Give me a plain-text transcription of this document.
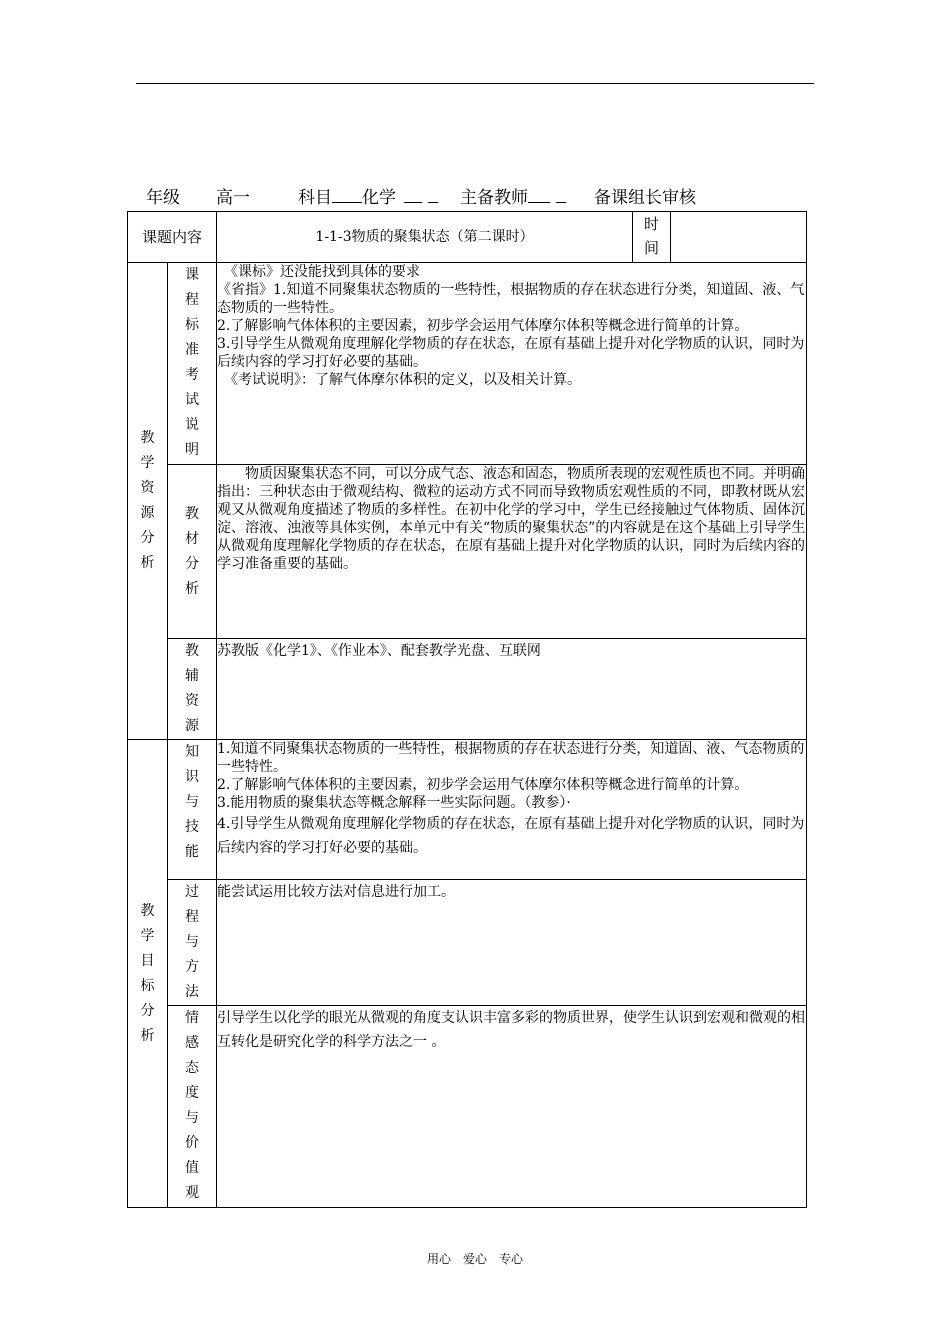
年级 高一	科目 化学	主备教师	备课组长审核
课题内容		1-1-3物质的聚集状态（第二课时）	时间	
教学资源分析	课程标准考试说明	《课标》还没能找到具体的要求

《省指》1.知道不同聚集状态物质的一些特性，根据物质的存在状态进行分类，知道固、液、气态物质的一些特性。

2.了解影响气体体积的主要因素，初步学会运用气体摩尔体积等概念进行简单的计算。

3.引导学生从微观角度理解化学物质的存在状态，在原有基础上提升对化学物质的认识，同时为后续内容的学习打好必要的基础。

《考试说明》：了解气体摩尔体积的定义，以及相关计算。		

	教材分析	物质因聚集状态不同，可以分成气态、液态和固态，物质所表现的宏观性质也不同。并明确指出：三种状态由于微观结构、微粒的运动方式不同而导致物质宏观性质的不同，即教材既从宏观又从微观角度描述了物质的多样性。在初中化学的学习中，学生已经接触过气体物质、固体沉淀、溶液、浊液等具体实例，本单元中有关“物质的聚集状态”的内容就是在这个基础上引导学生从微观角度理解化学物质的存在状态，在原有基础上提升对化学物质的认识，同时为后续内容的学习准备重要的基础。		
	教辅资源	苏教版《化学1》、《作业本》、配套教学光盘、互联网		
教学目标分析	知识与技能	1.知道不同聚集状态物质的一些特性，根据物质的存在状态进行分类，知道固、液、气态物质的一些特性。

2.了解影响气体体积的主要因素，初步学会运用气体摩尔体积等概念进行简单的计算。

3.能用物质的聚集状态等概念解释一些实际问题。（教参）·

4.引导学生从微观角度理解化学物质的存在状态，在原有基础上提升对化学物质的认识，同时为后续内容的学习打好必要的基础。		

	过程与方法	能尝试运用比较方法对信息进行加工。		
	情感态度与价值观	引导学生以化学的眼光从微观的角度支认识丰富多彩的物质世界，使学生认识到宏观和微观的相互转化是研究化学的科学方法之一 。		
用心　爱心　专心
